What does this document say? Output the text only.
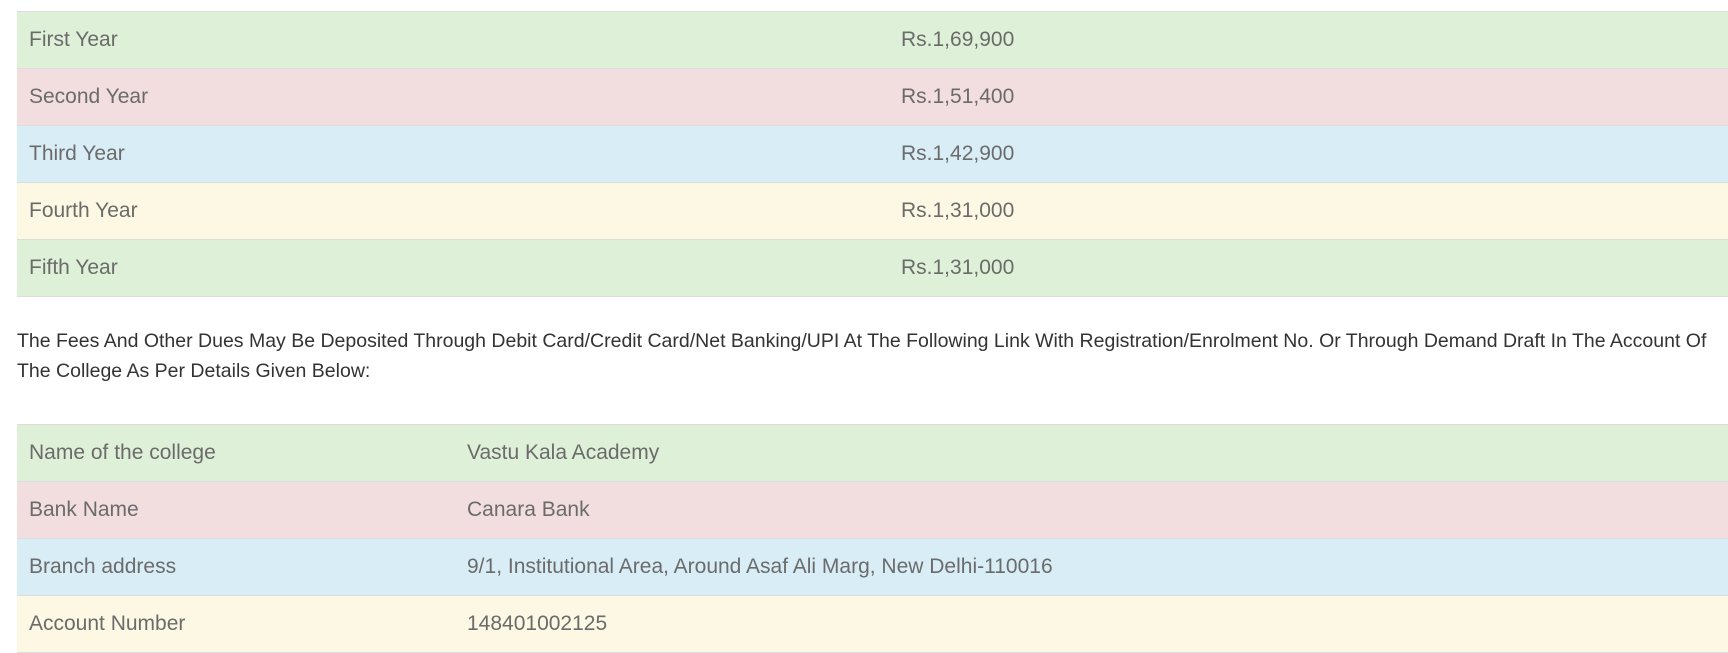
First Year	Rs.1,69,900
Second Year	Rs.1,51,400
Third Year	Rs.1,42,900
Fourth Year	Rs.1,31,000
Fifth Year	Rs.1,31,000

The Fees And Other Dues May Be Deposited Through Debit Card/Credit Card/Net Banking/UPI At The Following Link With Registration/Enrolment No. Or Through Demand Draft In The Account Of The College As Per Details Given Below:

Name of the college	Vastu Kala Academy
Bank Name	Canara Bank
Branch address	9/1, Institutional Area, Around Asaf Ali Marg, New Delhi-110016
Account Number	148401002125
